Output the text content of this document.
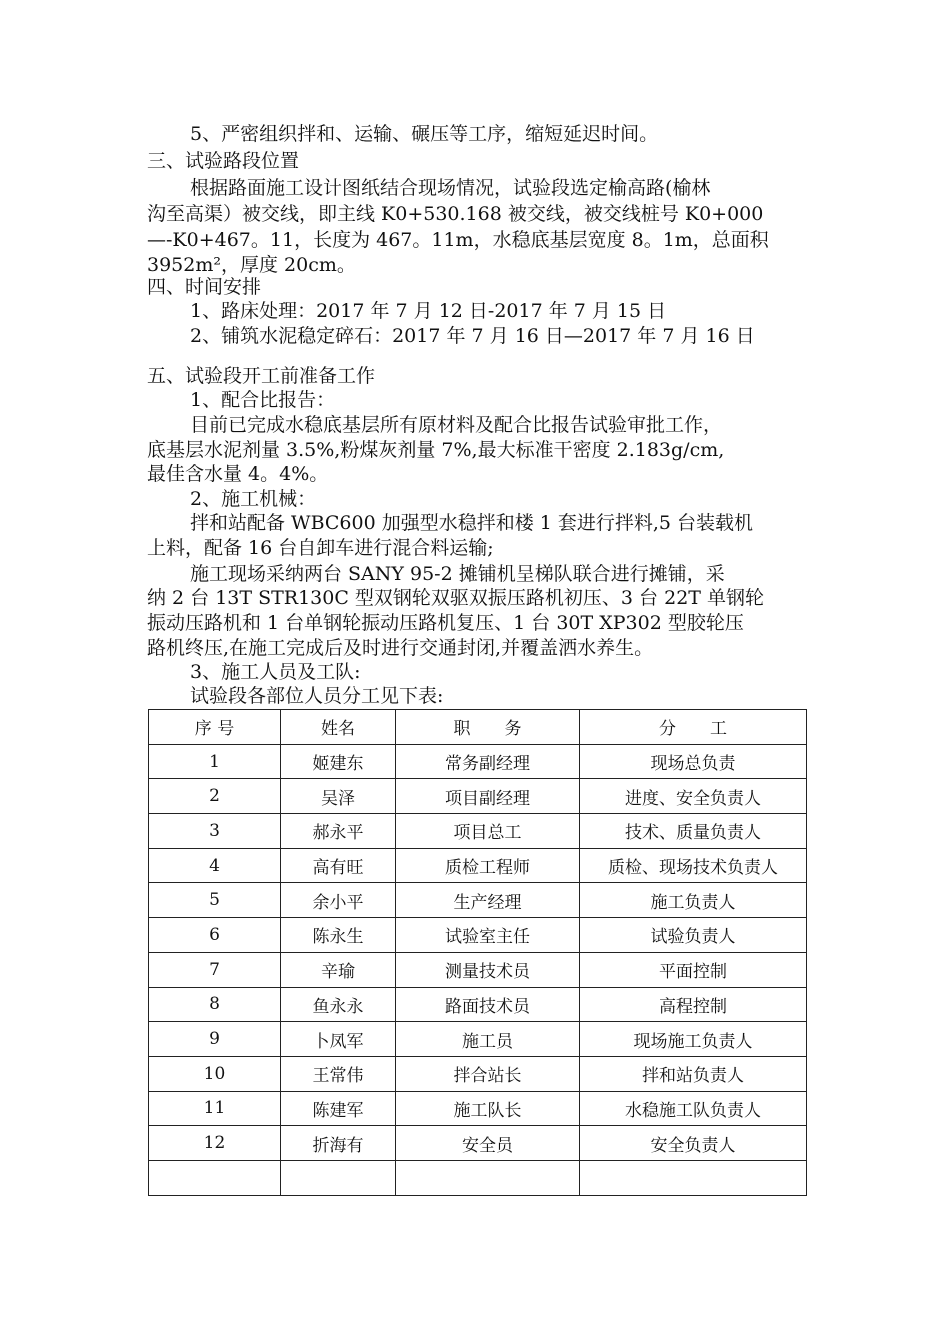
5、严密组织拌和、运输、碾压等工序，缩短延迟时间。
三、试验路段位置
根据路面施工设计图纸结合现场情况，试验段选定榆高路(榆林
沟至高渠）被交线，即主线 K0+530.168 被交线，被交线桩号 K0+000
—-K0+467。11，长度为 467。11m，水稳底基层宽度 8。1m，总面积
3952m²，厚度 20cm。
四、时间安排
1、路床处理：2017 年 7 月 12 日-2017 年 7 月 15 日
2、铺筑水泥稳定碎石：2017 年 7 月 16 日—2017 年 7 月 16 日
五、试验段开工前准备工作
1、配合比报告：
目前已完成水稳底基层所有原材料及配合比报告试验审批工作，
底基层水泥剂量 3.5%,粉煤灰剂量 7%,最大标准干密度 2.183g/cm,
最佳含水量 4。4%。
2、施工机械：
拌和站配备 WBC600 加强型水稳拌和楼 1 套进行拌料,5 台装载机
上料，配备 16 台自卸车进行混合料运输;
施工现场采纳两台 SANY 95-2 摊铺机呈梯队联合进行摊铺，采
纳 2 台 13T STR130C 型双钢轮双驱双振压路机初压、3 台 22T 单钢轮
振动压路机和 1 台单钢轮振动压路机复压、1 台 30T XP302 型胶轮压
路机终压,在施工完成后及时进行交通封闭,并覆盖洒水养生。
3、施工人员及工队:
试验段各部位人员分工见下表:
序 号	姓名	职　　务	分　　工
1	姬建东	常务副经理	现场总负责
2	吴泽	项目副经理	进度、安全负责人
3	郝永平	项目总工	技术、质量负责人
4	高有旺	质检工程师	质检、现场技术负责人
5	余小平	生产经理	施工负责人
6	陈永生	试验室主任	试验负责人
7	辛瑜	测量技术员	平面控制
8	鱼永永	路面技术员	高程控制
9	卜凤军	施工员	现场施工负责人
10	王常伟	拌合站长	拌和站负责人
11	陈建军	施工队长	水稳施工队负责人
12	折海有	安全员	安全负责人
